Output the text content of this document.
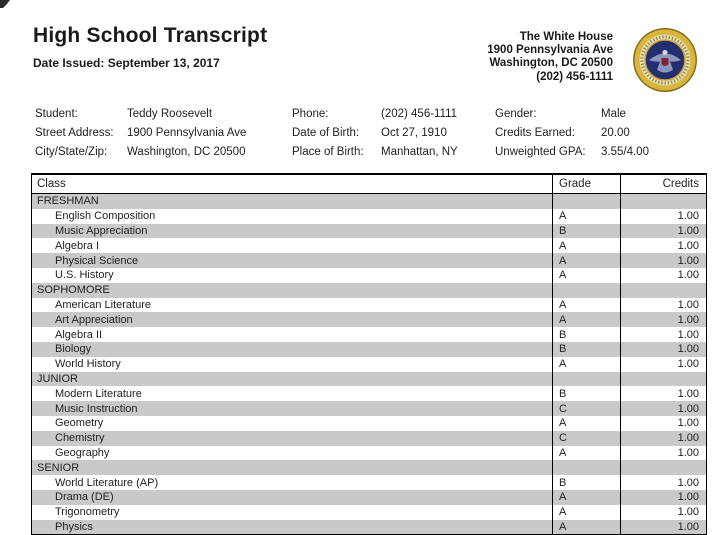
High School Transcript
Date Issued: September 13, 2017
The White House
1900 Pennsylvania Ave
Washington, DC 20500
(202) 456-1111
Student:	Teddy Roosevelt
Street Address:	1900 Pennsylvania Ave
City/State/Zip:	Washington, DC 20500
Phone:	(202) 456-1111
Date of Birth:	Oct 27, 1910
Place of Birth:	Manhattan, NY
Gender:	Male
Credits Earned:	20.00
Unweighted GPA:	3.55/4.00
Class	Grade	Credits
FRESHMAN
English Composition	A	1.00
Music Appreciation	B	1.00
Algebra I	A	1.00
Physical Science	A	1.00
U.S. History	A	1.00
SOPHOMORE
American Literature	A	1.00
Art Appreciation	A	1.00
Algebra II	B	1.00
Biology	B	1.00
World History	A	1.00
JUNIOR
Modern Literature	B	1.00
Music Instruction	C	1.00
Geometry	A	1.00
Chemistry	C	1.00
Geography	A	1.00
SENIOR
World Literature (AP)	B	1.00
Drama (DE)	A	1.00
Trigonometry	A	1.00
Physics	A	1.00
